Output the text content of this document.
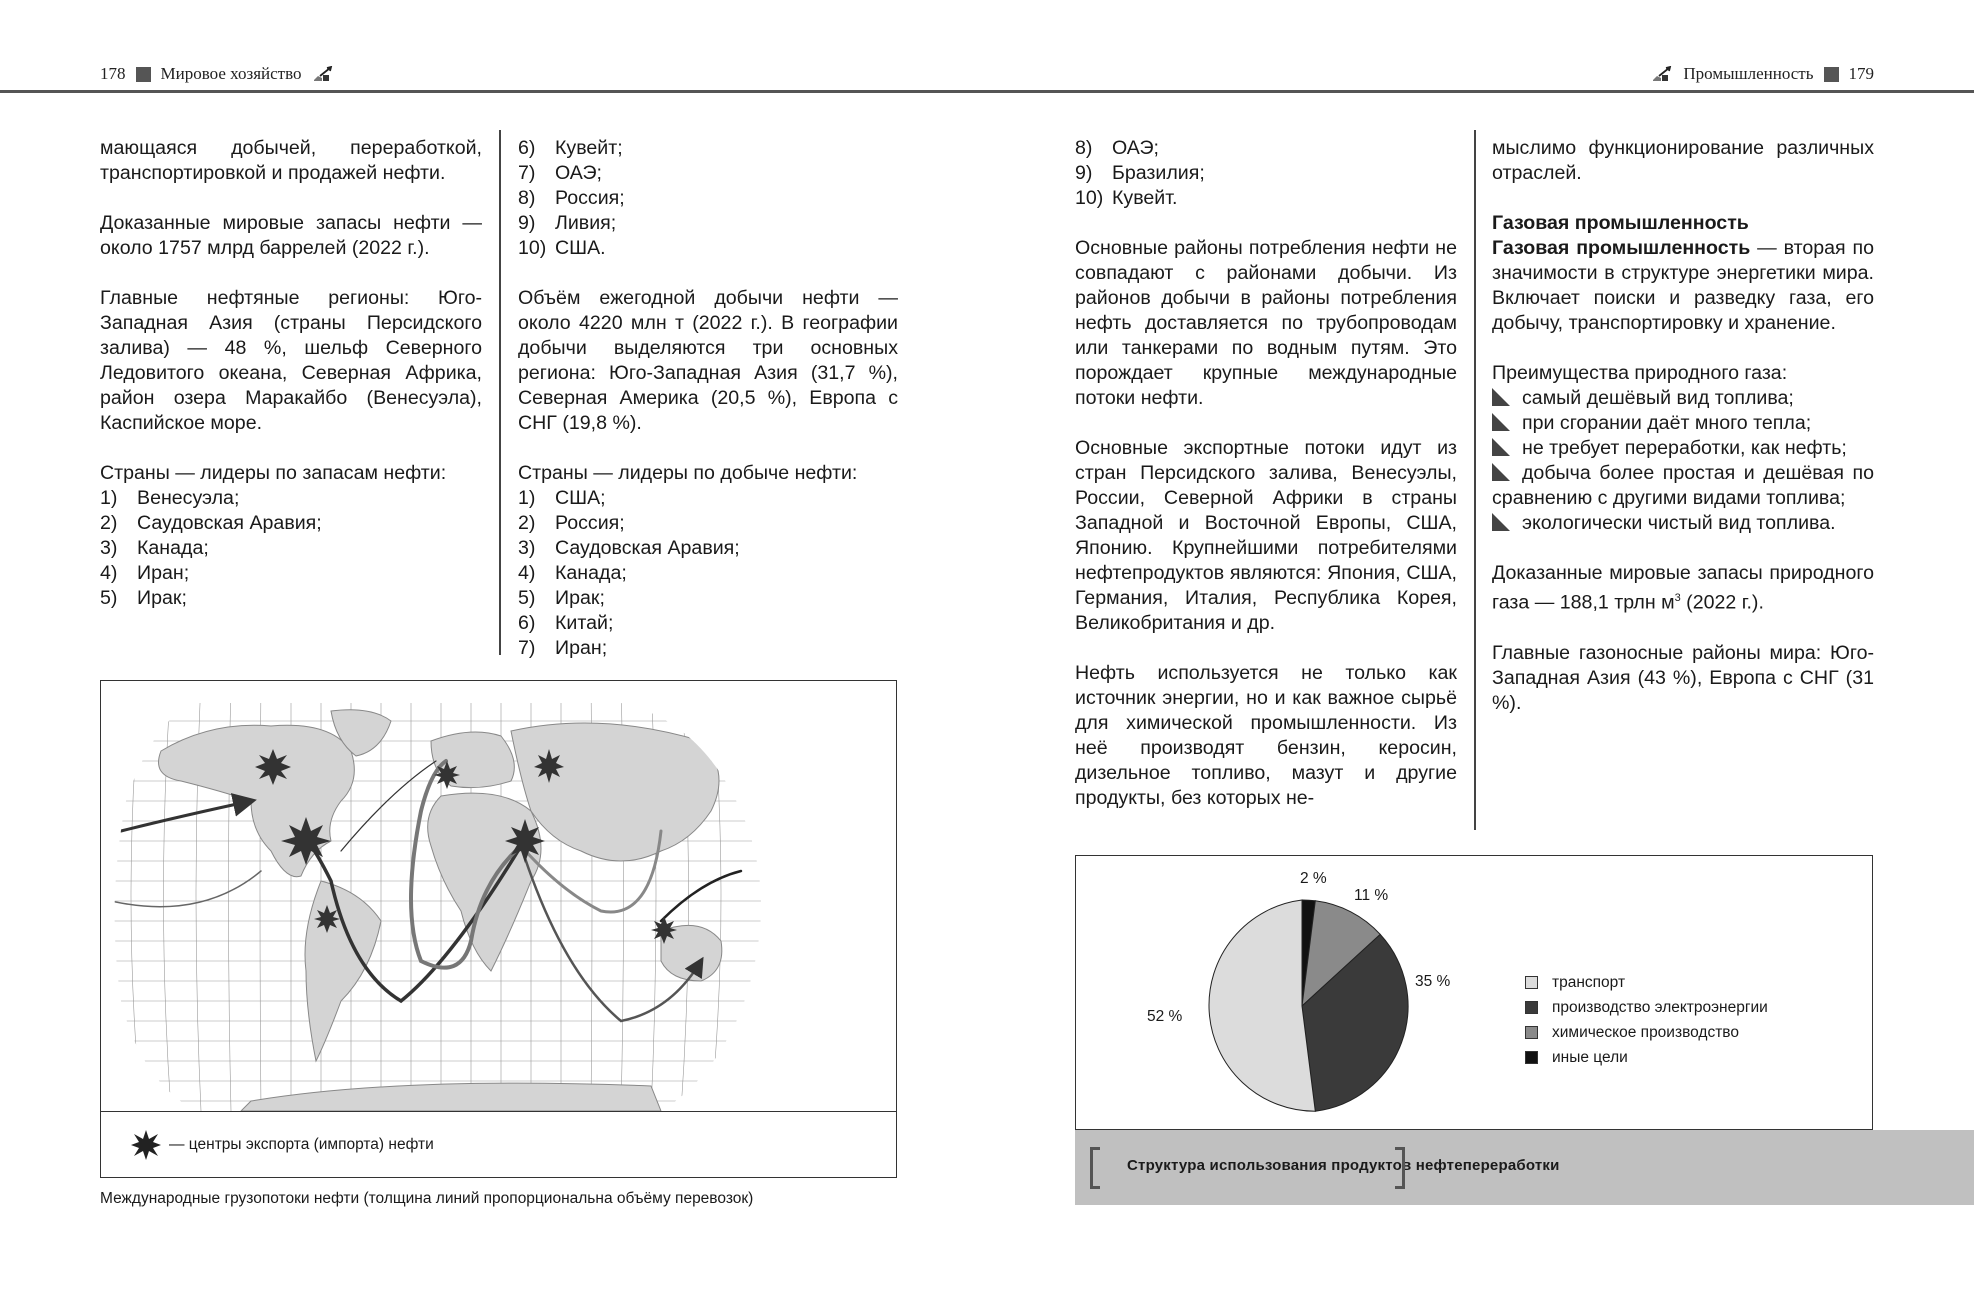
178 Мировое хозяйство	Промышленность 179

мающаяся добычей, переработкой, транспортировкой и продажей нефти.

Доказанные мировые запасы нефти — около 1757 млрд баррелей (2022 г.).

Главные нефтяные регионы: Юго-Западная Азия (страны Персидского залива) — 48 %, шельф Северного Ледовитого океана, Северная Африка, район озера Маракайбо (Венесуэла), Каспийское море.

Страны — лидеры по запасам нефти:
1) Венесуэла;
2) Саудовская Аравия;
3) Канада;
4) Иран;
5) Ирак;
6) Кувейт;
7) ОАЭ;
8) Россия;
9) Ливия;
10) США.

Объём ежегодной добычи нефти — около 4220 млн т (2022 г.). В географии добычи выделяются три основных региона: Юго-Западная Азия (31,7 %), Северная Америка (20,5 %), Европа с СНГ (19,8 %).

Страны — лидеры по добыче нефти:
1) США;
2) Россия;
3) Саудовская Аравия;
4) Канада;
5) Ирак;
6) Китай;
7) Иран;
— центры экспорта (импорта) нефти
Международные грузопотоки нефти (толщина линий пропорциональна объёму перевозок)
8) ОАЭ;
9) Бразилия;
10) Кувейт.

Основные районы потребления нефти не совпадают с районами добычи. Из районов добычи в районы потребления нефть доставляется по трубопроводам или танкерами по водным путям. Это порождает крупные международные потоки нефти.

Основные экспортные потоки идут из стран Персидского залива, Венесуэлы, России, Северной Африки в страны Западной и Восточной Европы, США, Японию. Крупнейшими потребителями нефтепродуктов являются: Япония, США, Германия, Италия, Республика Корея, Великобритания и др.

Нефть используется не только как источник энергии, но и как важное сырьё для химической промышленности. Из неё производят бензин, керосин, дизельное топливо, мазут и другие продукты, без которых не-

мыслимо функционирование различных отраслей.

Газовая промышленность

Газовая промышленность — вторая по значимости в структуре энергетики мира. Включает поиски и разведку газа, его добычу, транспортировку и хранение.

Преимущества природного газа:
самый дешёвый вид топлива;
при сгорании даёт много тепла;
не требует переработки, как нефть;
добыча более простая и дешёвая по сравнению с другими видами топлива;
экологически чистый вид топлива.

Доказанные мировые запасы природного газа — 188,1 трлн $м^3$ (2022 г.).

Главные газоносные районы мира: Юго-Западная Азия (43 %), Европа с СНГ (31 %).

2 %
11 %
35 %
52 %
транспорт
производство электроэнергии
химическое производство
иные цели
Структура использования продуктов нефтепереработки
